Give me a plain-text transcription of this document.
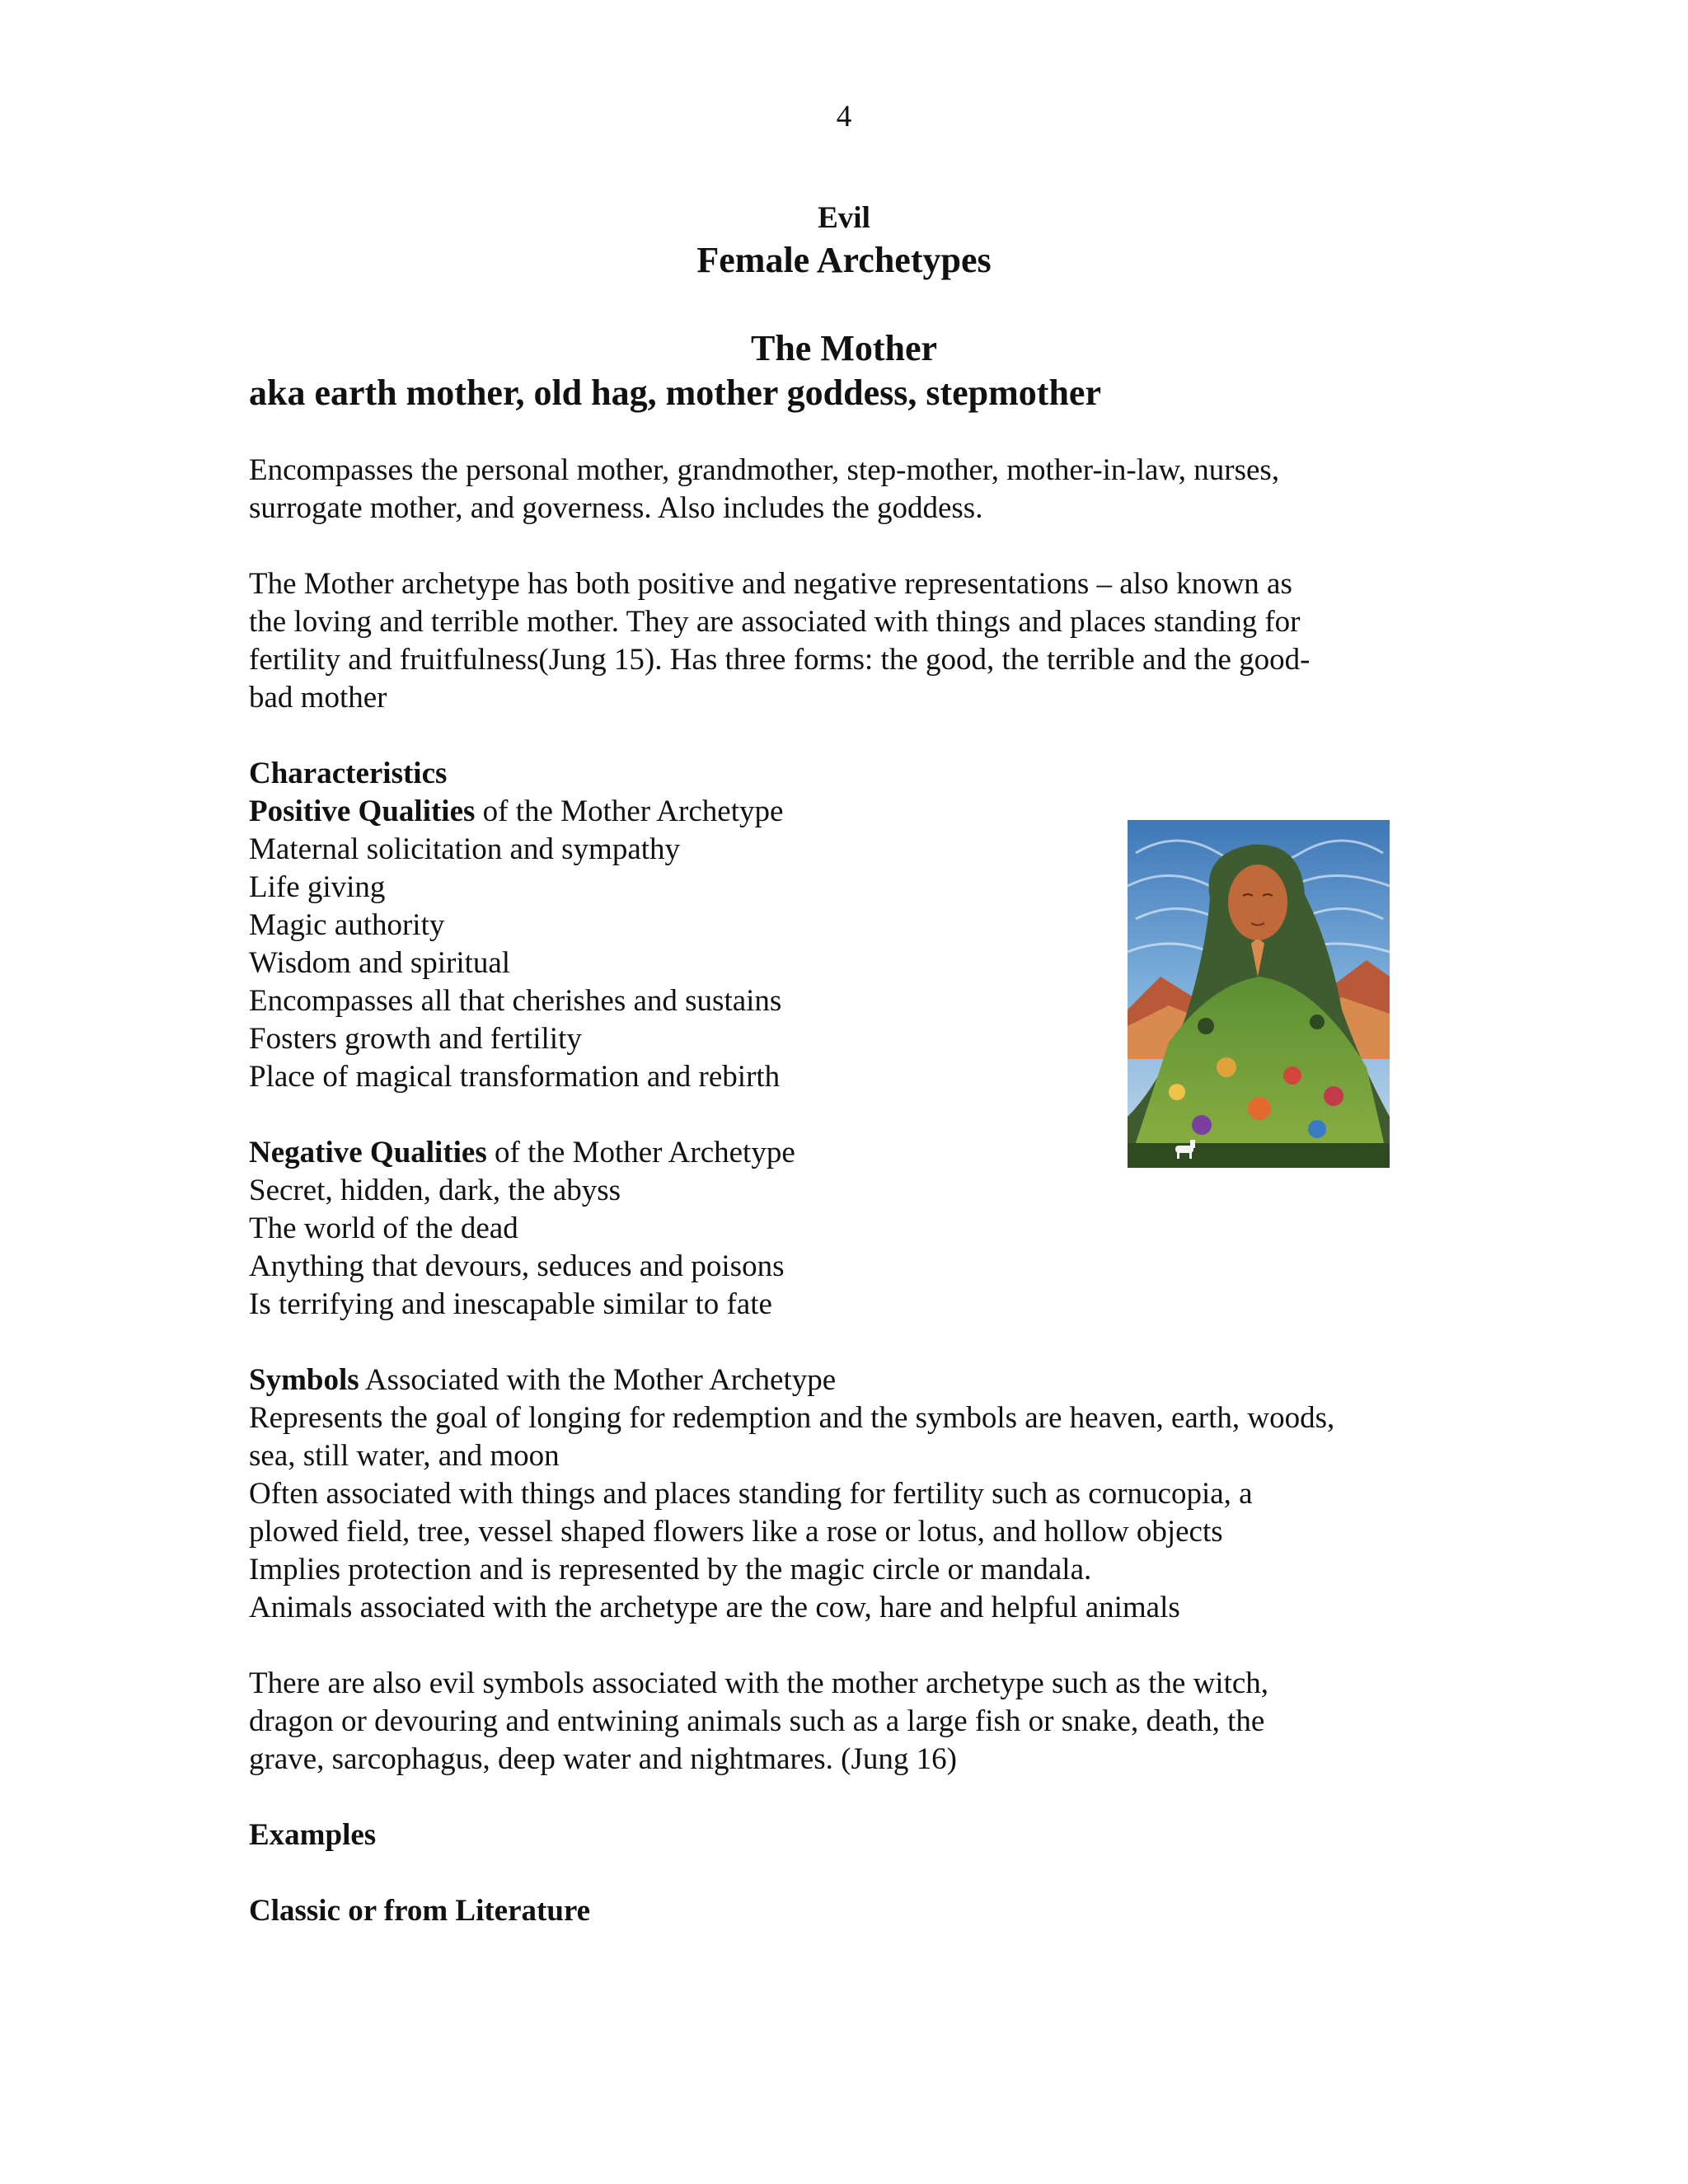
4
Evil
Female Archetypes
The Mother
aka earth mother, old hag, mother goddess, stepmother
Encompasses the personal mother, grandmother, step-mother, mother-in-law, nurses,
surrogate mother, and governess. Also includes the goddess.
The Mother archetype has both positive and negative representations – also known as
the loving and terrible mother. They are associated with things and places standing for
fertility and fruitfulness(Jung 15). Has three forms: the good, the terrible and the good-
bad mother
Characteristics
Positive Qualities of the Mother Archetype
Maternal solicitation and sympathy
Life giving
Magic authority
Wisdom and spiritual
Encompasses all that cherishes and sustains
Fosters growth and fertility
Place of magical transformation and rebirth
Negative Qualities of the Mother Archetype
Secret, hidden, dark, the abyss
The world of the dead
Anything that devours, seduces and poisons
Is terrifying and inescapable similar to fate
Symbols Associated with the Mother Archetype
Represents the goal of longing for redemption and the symbols are heaven, earth, woods,
sea, still water, and moon
Often associated with things and places standing for fertility such as cornucopia, a
plowed field, tree, vessel shaped flowers like a rose or lotus, and hollow objects
Implies protection and is represented by the magic circle or mandala.
Animals associated with the archetype are the cow, hare and helpful animals
There are also evil symbols associated with the mother archetype such as the witch,
dragon or devouring and entwining animals such as a large fish or snake, death, the
grave, sarcophagus, deep water and nightmares. (Jung 16)
Examples
Classic or from Literature
